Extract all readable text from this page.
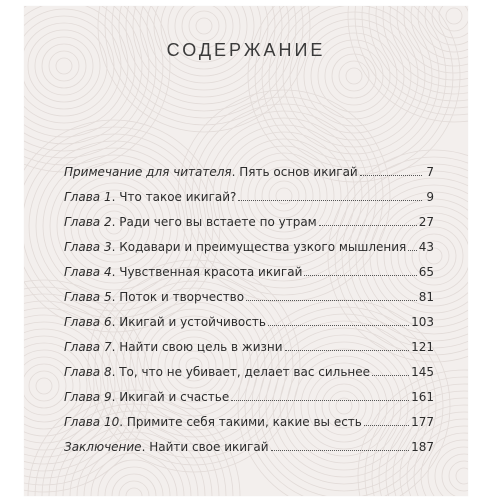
СОДЕРЖАНИЕ
Примечание для читателя. Пять основ икигай	7
Глава 1. Что такое икигай?	9
Глава 2. Ради чего вы встаете по утрам	27
Глава 3. Кодавари и преимущества узкого мышления 43
Глава 4. Чувственная красота икигай	65
Глава 5. Поток и творчество	81
Глава 6. Икигай и устойчивость	103
Глава 7. Найти свою цель в жизни	121
Глава 8. То, что не убивает, делает вас сильнее	145
Глава 9. Икигай и счастье	161
Глава 10. Примите себя такими, какие вы есть	177
Заключение. Найти свое икигай	187
